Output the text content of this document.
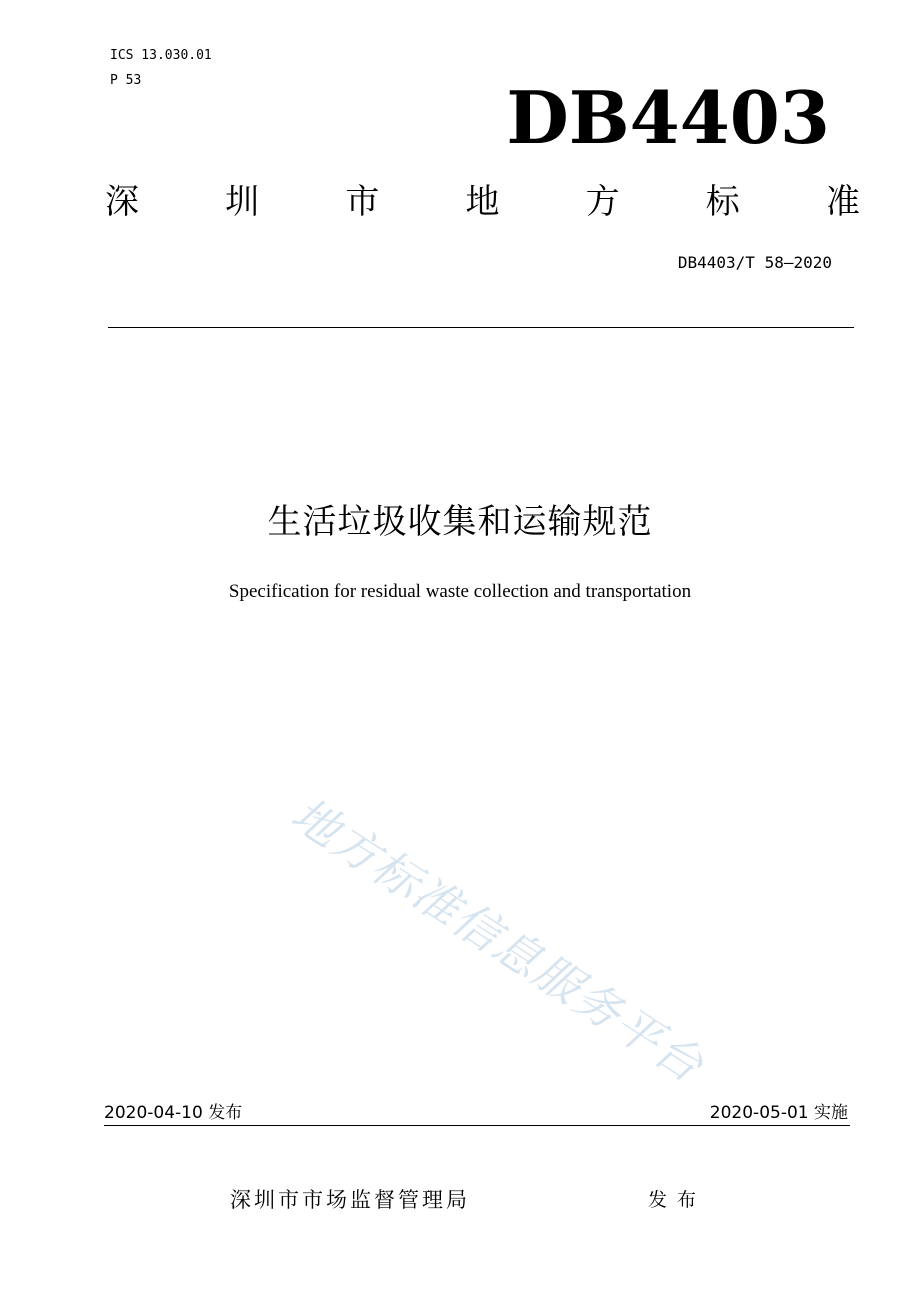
ICS 13.030.01
P 53	DB4403
深	圳	市	地	方	标	准
DB4403/T 58—2020
生活垃圾收集和运输规范
Specification for residual waste collection and transportation
地方标准信息服务平台
2020-04-10 发布	2020-05-01 实施
深圳市市场监督管理局	发布
